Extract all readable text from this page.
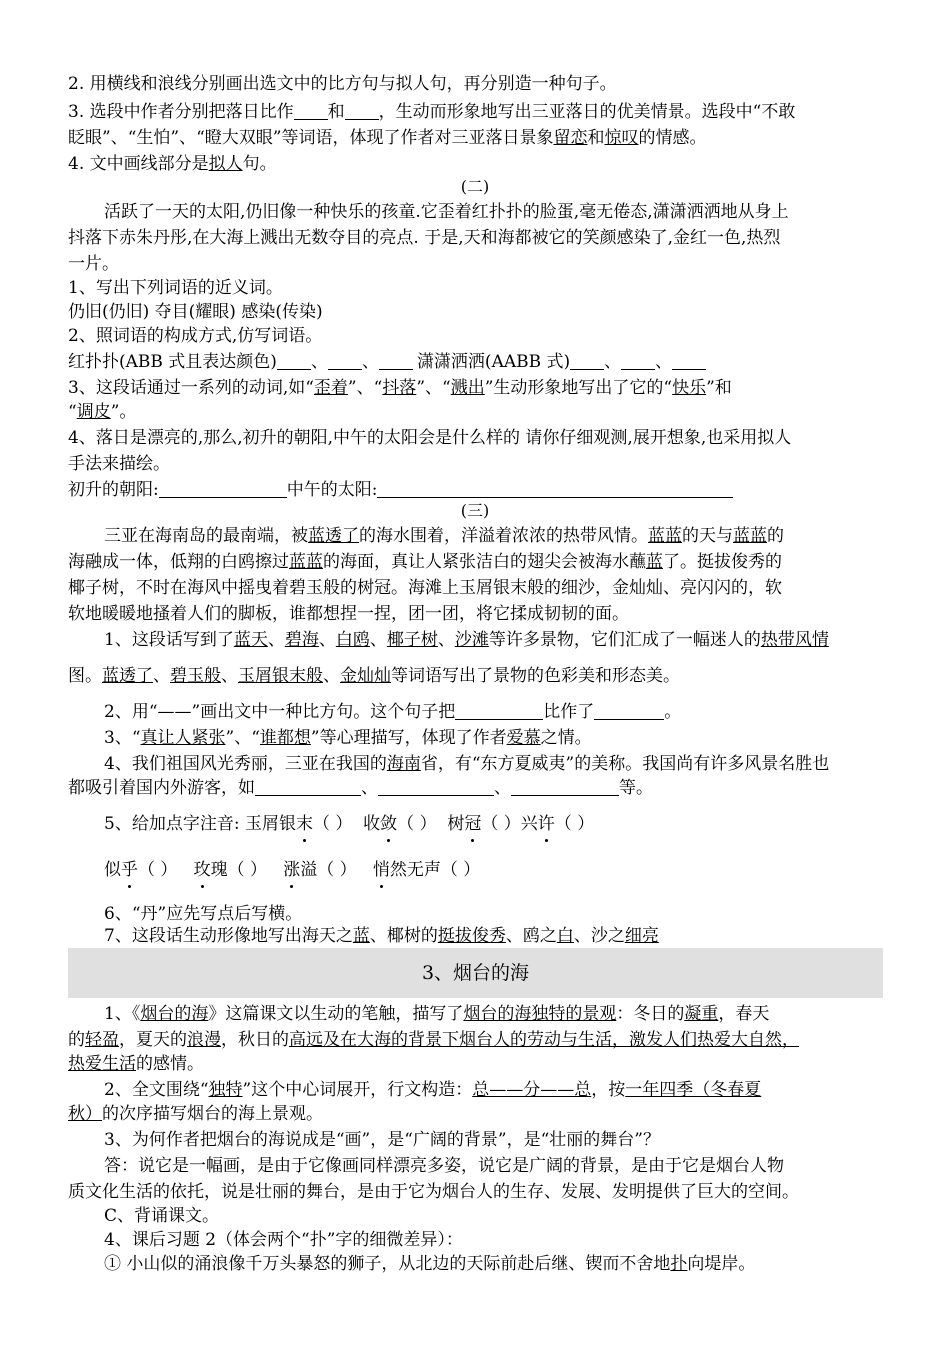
2. 用横线和浪线分别画出选文中的比方句与拟人句，再分别造一种句子。
3. 选段中作者分别把落日比作 和 ，生动而形象地写出三亚落日的优美情景。选段中“不敢
眨眼”、“生怕”、“瞪大双眼”等词语，体现了作者对三亚落日景象留恋和惊叹的情感。
4. 文中画线部分是拟人句。
(二)
活跃了一天的太阳,仍旧像一种快乐的孩童.它歪着红扑扑的脸蛋,毫无倦态,潇潇洒洒地从身上
抖落下赤朱丹彤,在大海上溅出无数夺目的亮点. 于是,天和海都被它的笑颜感染了,金红一色,热烈
一片。
1、写出下列词语的近义词。
仍旧(仍旧) 夺目(耀眼) 感染(传染)
2、照词语的构成方式,仿写词语。
红扑扑(ABB 式且表达颜色) 、 、 潇潇洒洒(AABB 式) 、 、
3、这段话通过一系列的动词,如“歪着”、“抖落”、“溅出”生动形象地写出了它的“快乐”和
“调皮”。
4、落日是漂亮的,那么,初升的朝阳,中午的太阳会是什么样的 请你仔细观测,展开想象,也采用拟人
手法来描绘。
初升的朝阳:	中午的太阳:
(三)
三亚在海南岛的最南端，被蓝透了的海水围着，洋溢着浓浓的热带风情。蓝蓝的天与蓝蓝的
海融成一体，低翔的白鸥擦过蓝蓝的海面，真让人紧张洁白的翅尖会被海水蘸蓝了。挺拔俊秀的
椰子树，不时在海风中摇曳着碧玉般的树冠。海滩上玉屑银末般的细沙，金灿灿、亮闪闪的，软
软地暖暖地搔着人们的脚板，谁都想捏一捏，团一团，将它揉成韧韧的面。
1、这段话写到了蓝天、碧海、白鸥、椰子树、沙滩等许多景物，它们汇成了一幅迷人的热带风情
图。蓝透了、碧玉般、玉屑银末般、金灿灿等词语写出了景物的色彩美和形态美。
2、用“——”画出文中一种比方句。这个句子把	比作了	。
3、“真让人紧张”、“谁都想”等心理描写，体现了作者爱慕之情。
4、我们祖国风光秀丽，三亚在我国的海南省，有“东方夏威夷”的美称。我国尚有许多风景名胜也
都吸引着国内外游客，如	、	、	等。
5、给加点字注音: 玉屑银末（ ） 收敛（ ） 树冠（ ）兴许（ ）
似乎（ ） 玫瑰（ ） 涨溢（ ） 悄然无声（ ）
6、“丹”应先写点后写横。
7、这段话生动形像地写出海天之蓝、椰树的挺拔俊秀、鸥之白、沙之细亮
3、烟台的海
1、《烟台的海》这篇课文以生动的笔触，描写了烟台的海独特的景观：冬日的凝重，春天
的轻盈，夏天的浪漫，秋日的高远及在大海的背景下烟台人的劳动与生活，激发人们热爱大自然，
热爱生活的感情。
2、全文围绕“独特”这个中心词展开，行文构造：总——分——总，按一年四季（冬春夏
秋）的次序描写烟台的海上景观。
3、为何作者把烟台的海说成是“画”，是“广阔的背景”，是“壮丽的舞台”？
答：说它是一幅画，是由于它像画同样漂亮多姿，说它是广阔的背景，是由于它是烟台人物
质文化生活的依托，说是壮丽的舞台，是由于它为烟台人的生存、发展、发明提供了巨大的空间。
C、背诵课文。
4、课后习题 2（体会两个“扑”字的细微差异）：
① 小山似的涌浪像千万头暴怒的狮子，从北边的天际前赴后继、锲而不舍地扑向堤岸。
